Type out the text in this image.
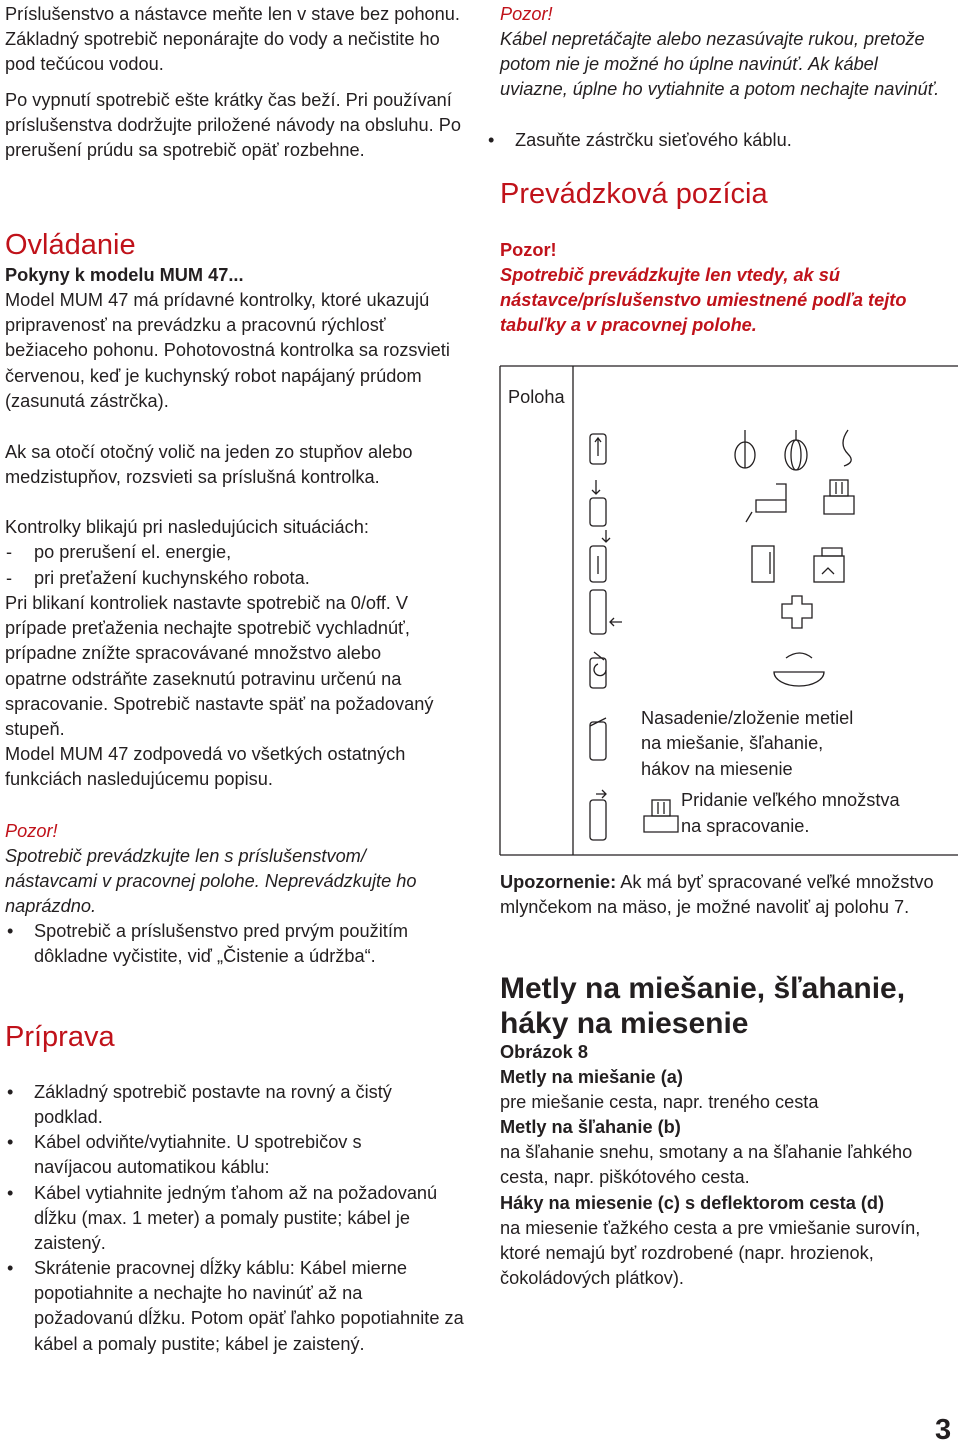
Príslušenstvo a nástavce meňte len v stave bez pohonu. Základný spotrebič neponárajte do vody a nečistite ho pod tečúcou vodou.

Po vypnutí spotrebič ešte krátky čas beží. Pri používaní príslušenstva dodržujte priložené návody na obsluhu. Po prerušení prúdu sa spotrebič opäť rozbehne.

Ovládanie

Pokyny k modelu MUM 47...

Model MUM 47 má prídavné kontrolky, ktoré ukazujú pripravenosť na prevádzku a pracovnú rýchlosť bežiaceho pohonu. Pohotovostná kontrolka sa rozsvieti červenou, keď je kuchynský robot napájaný prúdom (zasunutá zástrčka).

Ak sa otočí otočný volič na jeden zo stupňov alebo medzistupňov, rozsvieti sa príslušná kontrolka.

Kontrolky blikajú pri nasledujúcich situáciách:

- po prerušení el. energie,

- pri preťažení kuchynského robota.

Pri blikaní kontroliek nastavte spotrebič na 0/off. V prípade preťaženia nechajte spotrebič vychladnúť, prípadne znížte spracovávané množstvo alebo opatrne odstráňte zaseknutú potravinu určenú na spracovanie. Spotrebič nastavte späť na požadovaný stupeň.

Model MUM 47 zodpovedá vo všetkých ostatných funkciách nasledujúcemu popisu.

Pozor!

Spotrebič prevádzkujte len s príslušenstvom/ nástavcami v pracovnej polohe. Neprevádzkujte ho naprázdno.

• Spotrebič a príslušenstvo pred prvým použitím dôkladne vyčistite, viď „Čistenie a údržba“.

Príprava

• Základný spotrebič postavte na rovný a čistý podklad.

• Kábel odviňte/vytiahnite. U spotrebičov s navíjacou automatikou káblu:

• Kábel vytiahnite jedným ťahom až na požadovanú dĺžku (max. 1 meter) a pomaly pustite; kábel je zaistený.

• Skrátenie pracovnej dĺžky káblu: Kábel mierne popotiahnite a nechajte ho navinúť až na požadovanú dĺžku. Potom opäť ľahko popotiahnite za kábel a pomaly pustite; kábel je zaistený.

Pozor!

Kábel nepretáčajte alebo nezasúvajte rukou, pretože potom nie je možné ho úplne navinúť. Ak kábel uviazne, úplne ho vytiahnite a potom nechajte navinúť.

• Zasuňte zástrčku sieťového káblu.

Prevádzková pozícia

Pozor!

Spotrebič prevádzkujte len vtedy, ak sú nástavce/príslušenstvo umiestnené podľa tejto tabuľky a v pracovnej polohe.

Upozornenie: Ak má byť spracované veľké množstvo mlynčekom na mäso, je možné navoliť aj polohu 7.

Metly na miešanie, šľahanie, háky na miesenie

Obrázok 8

Metly na miešanie (a)

pre miešanie cesta, napr. treného cesta

Metly na šľahanie (b)

na šľahanie snehu, smotany a na šľahanie ľahkého cesta, napr. piškótového cesta.

Háky na miesenie (c) s deflektorom cesta (d)

na miesenie ťažkého cesta a pre vmiešanie surovín, ktoré nemajú byť rozdrobené (napr. hrozienok, čokoládových plátkov).

Poloha
Nasadenie/zloženie metiel na miešanie, šľahanie, hákov na miesenie
Pridanie veľkého množstva na spracovanie.
3
